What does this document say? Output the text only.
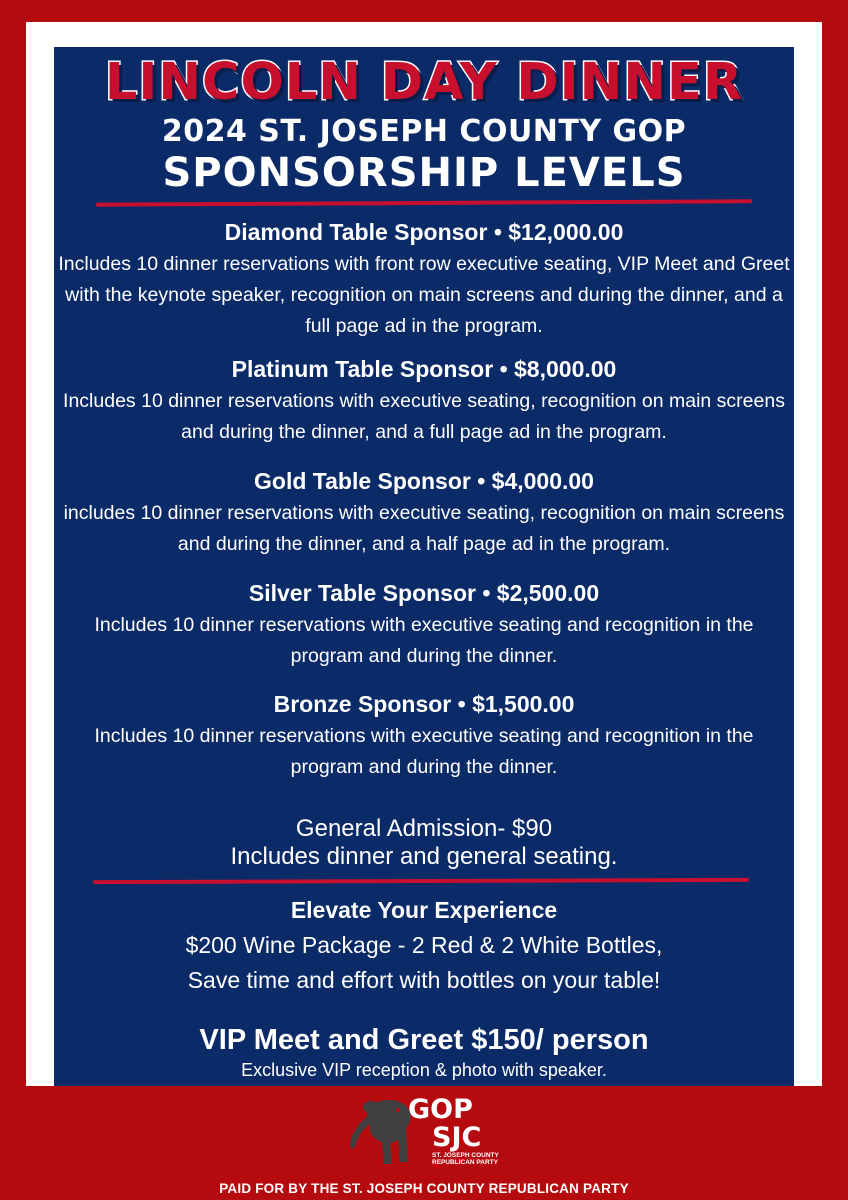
LINCOLN DAY DINNER
2024 ST. JOSEPH COUNTY GOP
SPONSORSHIP LEVELS
Diamond Table Sponsor • $12,000.00
Includes 10 dinner reservations with front row executive seating, VIP Meet and Greet with the keynote speaker, recognition on main screens and during the dinner, and a full page ad in the program.
Platinum Table Sponsor • $8,000.00
Includes 10 dinner reservations with executive seating, recognition on main screens and during the dinner, and a full page ad in the program.
Gold Table Sponsor • $4,000.00
includes 10 dinner reservations with executive seating, recognition on main screens and during the dinner, and a half page ad in the program.
Silver Table Sponsor • $2,500.00
Includes 10 dinner reservations with executive seating and recognition in the program and during the dinner.
Bronze Sponsor • $1,500.00
Includes 10 dinner reservations with executive seating and recognition in the program and during the dinner.
General Admission- $90
Includes dinner and general seating.
Elevate Your Experience
$200 Wine Package - 2 Red & 2 White Bottles,
Save time and effort with bottles on your table!
VIP Meet and Greet $150/ person
Exclusive VIP reception & photo with speaker.
GOP
SJC
ST. JOSEPH COUNTY
REPUBLICAN PARTY
PAID FOR BY THE ST. JOSEPH COUNTY REPUBLICAN PARTY
